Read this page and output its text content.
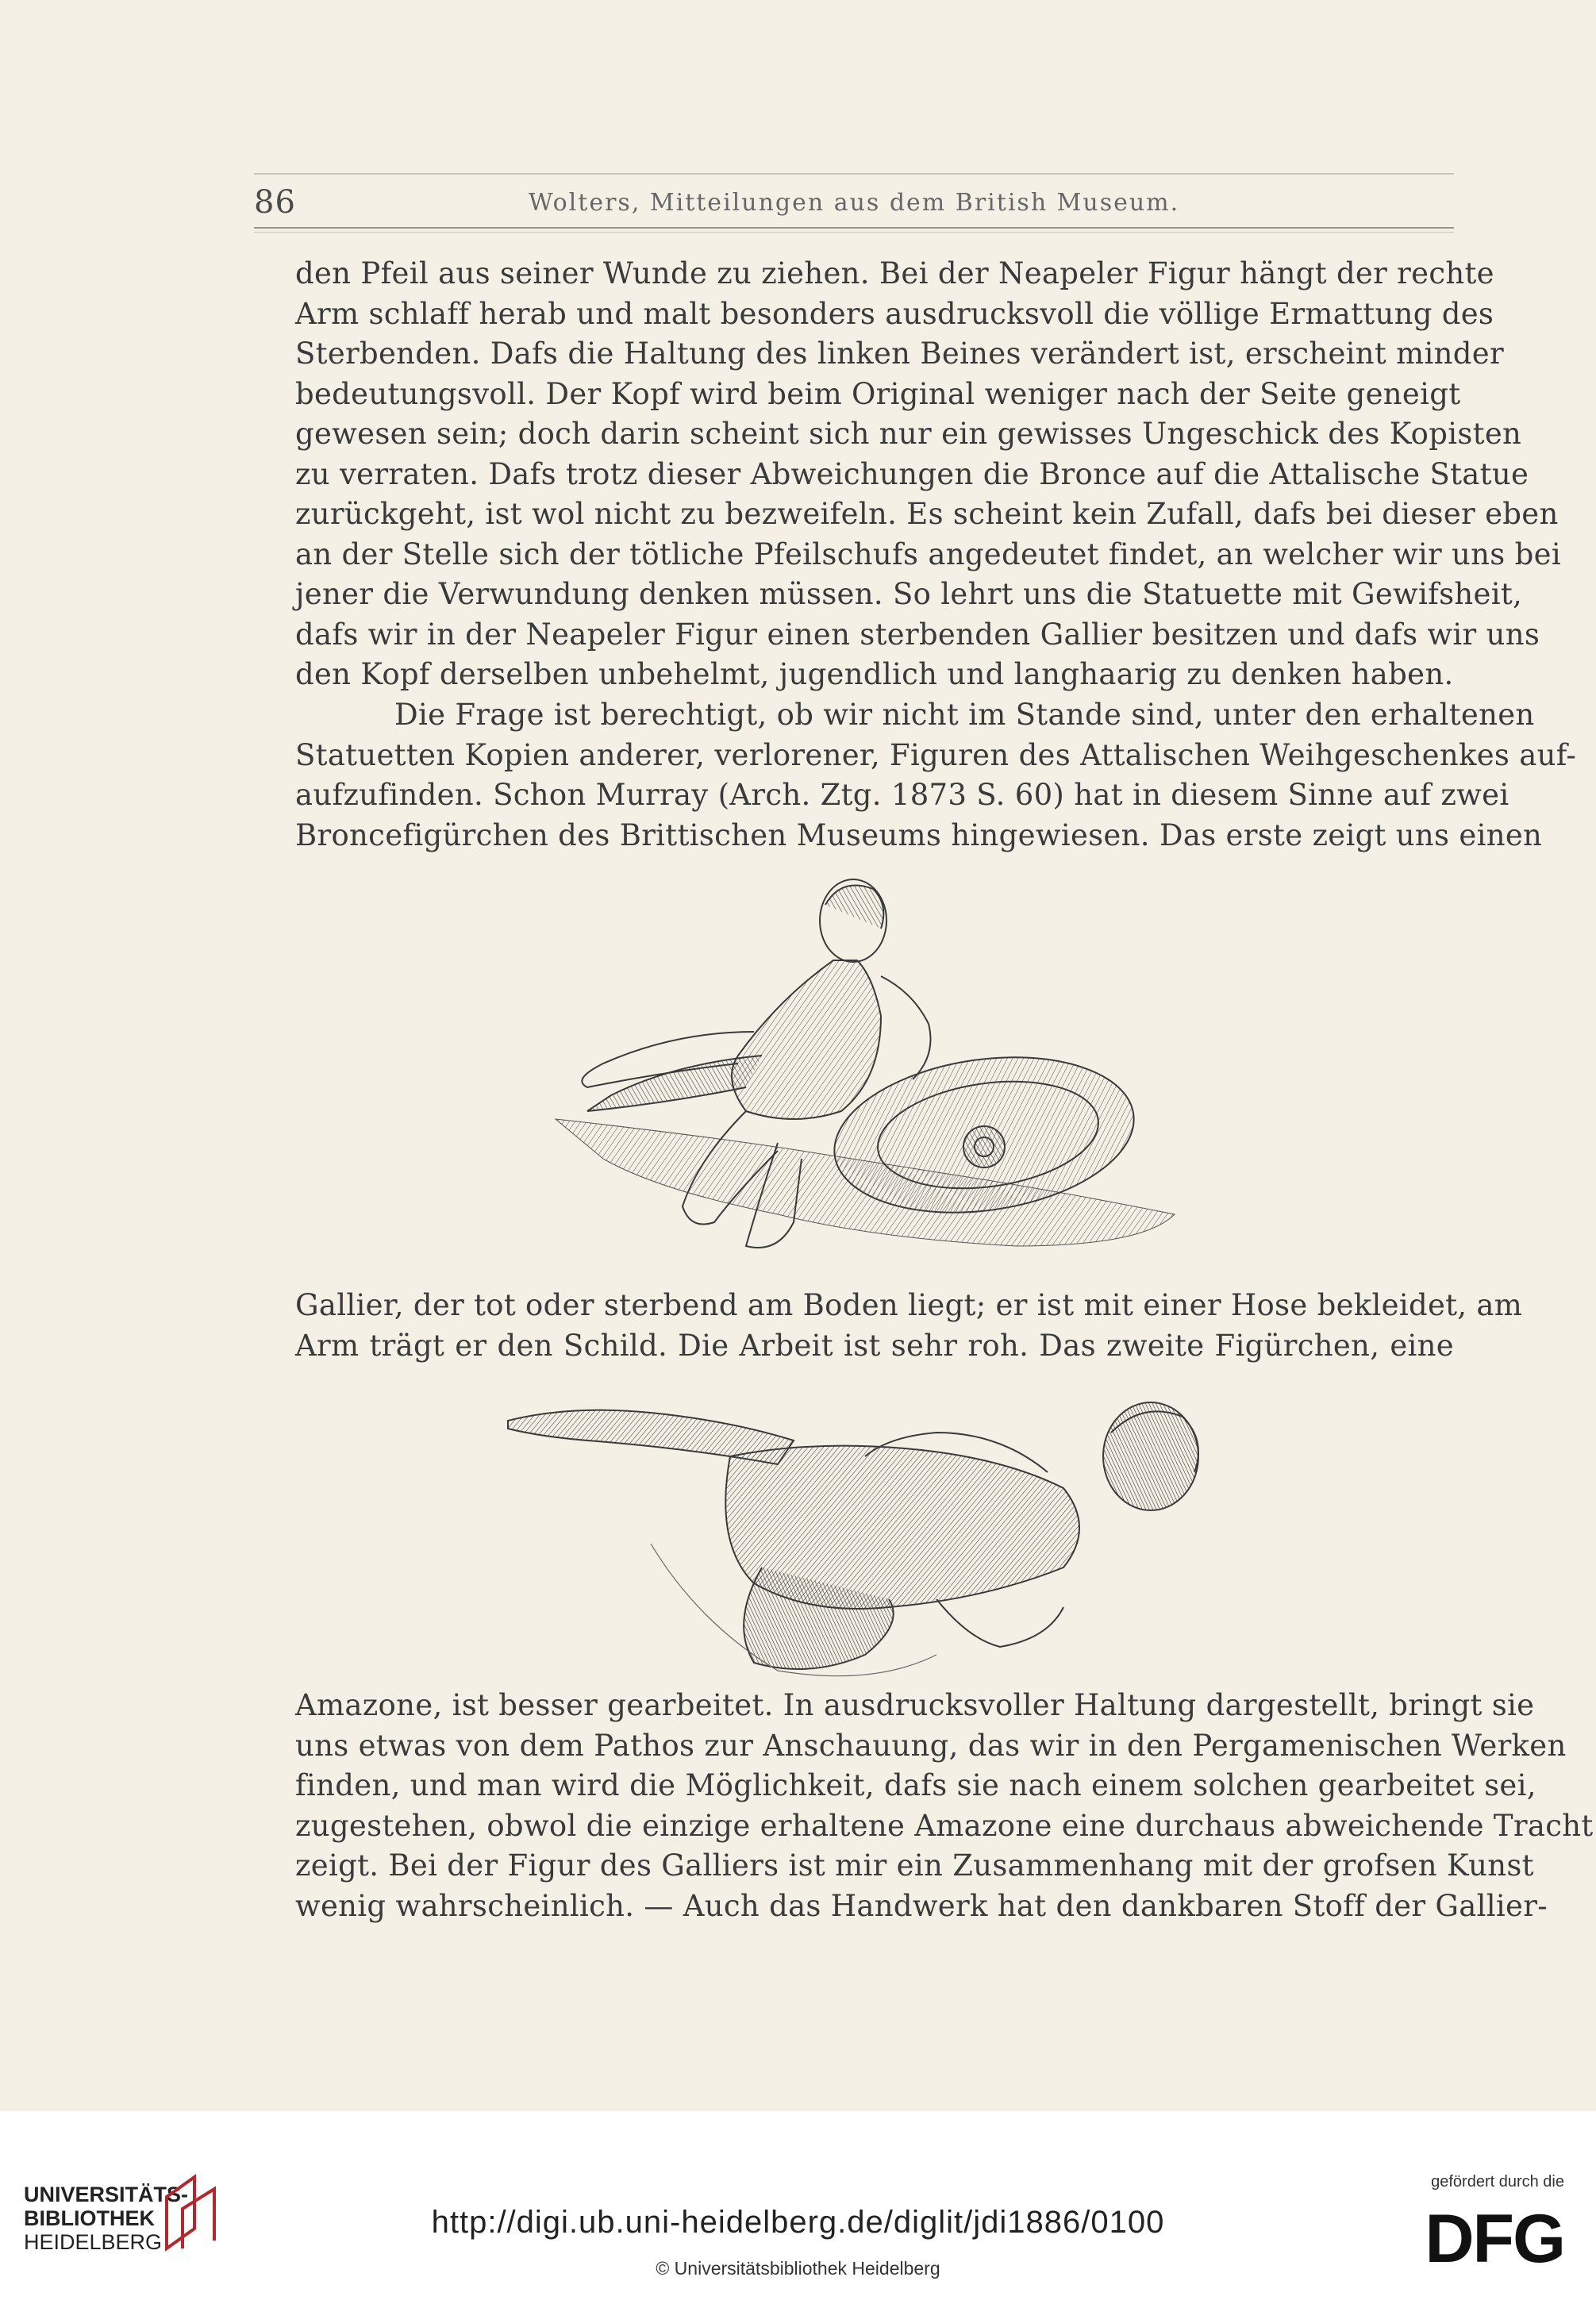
86	Wolters, Mitteilungen aus dem British Museum.
den Pfeil aus seiner Wunde zu ziehen. Bei der Neapeler Figur hängt der rechte
Arm schlaff herab und malt besonders ausdrucksvoll die völlige Ermattung des
Sterbenden. Dafs die Haltung des linken Beines verändert ist, erscheint minder
bedeutungsvoll. Der Kopf wird beim Original weniger nach der Seite geneigt
gewesen sein; doch darin scheint sich nur ein gewisses Ungeschick des Kopisten
zu verraten. Dafs trotz dieser Abweichungen die Bronce auf die Attalische Statue
zurückgeht, ist wol nicht zu bezweifeln. Es scheint kein Zufall, dafs bei dieser eben
an der Stelle sich der tötliche Pfeilschufs angedeutet findet, an welcher wir uns bei
jener die Verwundung denken müssen. So lehrt uns die Statuette mit Gewifsheit,
dafs wir in der Neapeler Figur einen sterbenden Gallier besitzen und dafs wir uns
den Kopf derselben unbehelmt, jugendlich und langhaarig zu denken haben.
Die Frage ist berechtigt, ob wir nicht im Stande sind, unter den erhaltenen
Statuetten Kopien anderer, verlorener, Figuren des Attalischen Weihgeschenkes auf-
aufzufinden. Schon Murray (Arch. Ztg. 1873 S. 60) hat in diesem Sinne auf zwei
Broncefigürchen des Brittischen Museums hingewiesen. Das erste zeigt uns einen
Gallier, der tot oder sterbend am Boden liegt; er ist mit einer Hose bekleidet, am
Arm trägt er den Schild. Die Arbeit ist sehr roh. Das zweite Figürchen, eine
Amazone, ist besser gearbeitet. In ausdrucksvoller Haltung dargestellt, bringt sie
uns etwas von dem Pathos zur Anschauung, das wir in den Pergamenischen Werken
finden, und man wird die Möglichkeit, dafs sie nach einem solchen gearbeitet sei,
zugestehen, obwol die einzige erhaltene Amazone eine durchaus abweichende Tracht
zeigt. Bei der Figur des Galliers ist mir ein Zusammenhang mit der grofsen Kunst
wenig wahrscheinlich. — Auch das Handwerk hat den dankbaren Stoff der Gallier-
UNIVERSITÄTS-
BIBLIOTHEK
HEIDELBERG
http://digi.ub.uni-heidelberg.de/diglit/jdi1886/0100
© Universitätsbibliothek Heidelberg
gefördert durch die
DFG
